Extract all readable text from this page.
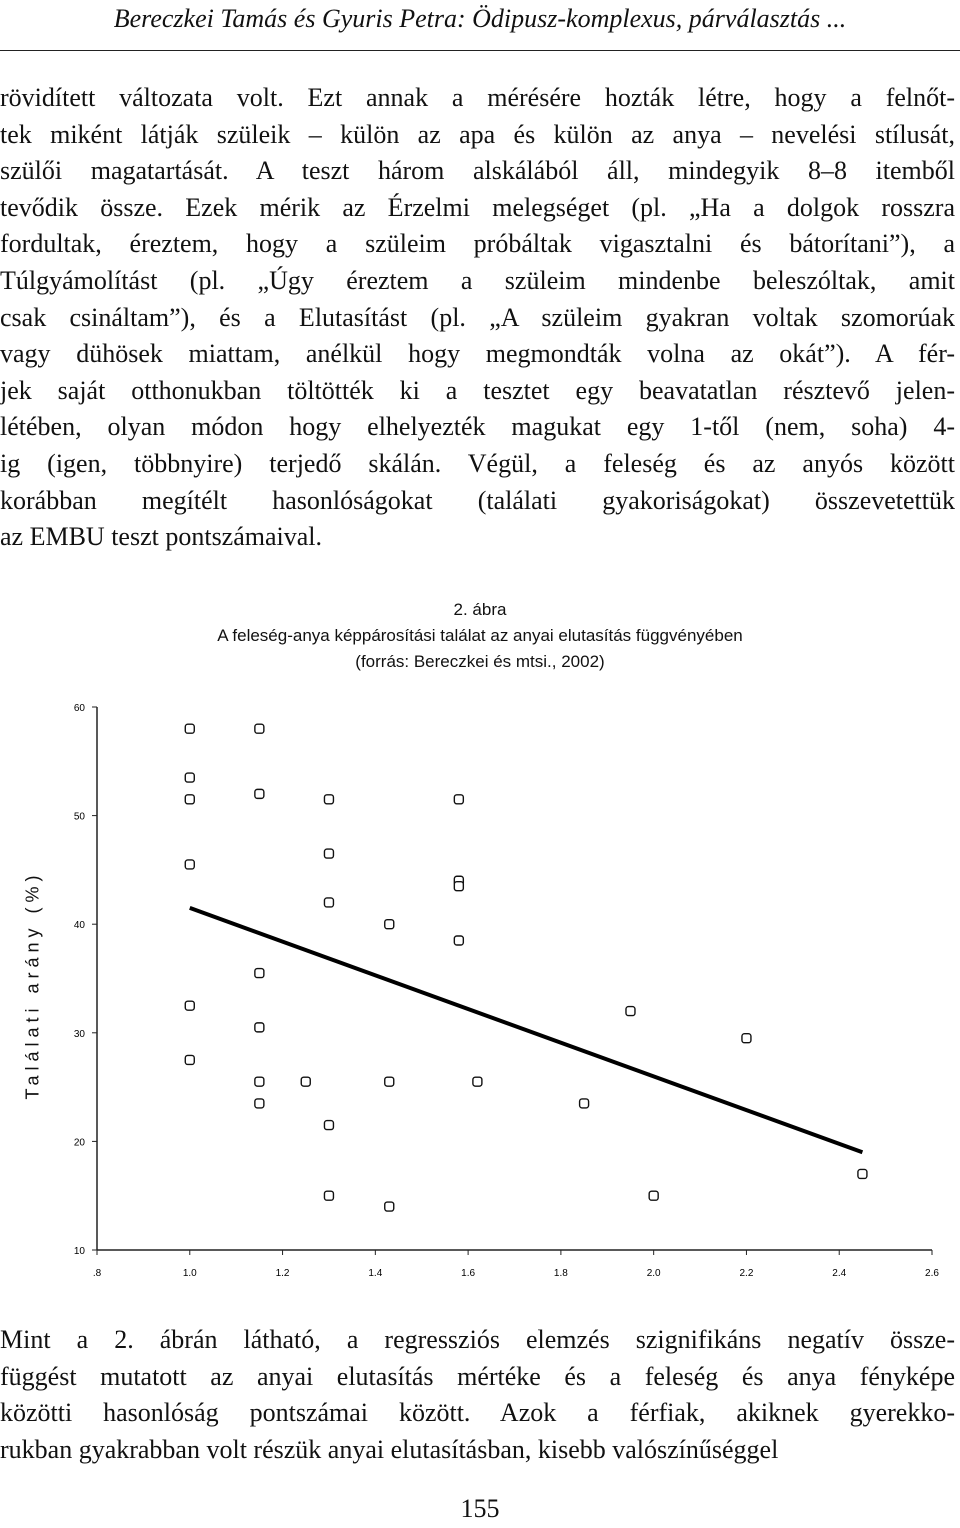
Bereczkei Tamás és Gyuris Petra: Ödipusz-komplexus, párválasztás ...
rövidített változata volt. Ezt annak a mérésére hozták létre, hogy a felnőt-
tek miként látják szüleik – külön az apa és külön az anya – nevelési stílusát,
szülői magatartását. A teszt három alskálából áll, mindegyik 8–8 itemből
tevődik össze. Ezek mérik az Érzelmi melegséget (pl. „Ha a dolgok rosszra
fordultak, éreztem, hogy a szüleim próbáltak vigasztalni és bátorítani”), a
Túlgyámolítást (pl. „Úgy éreztem a szüleim mindenbe beleszóltak, amit
csak csináltam”), és a Elutasítást (pl. „A szüleim gyakran voltak szomorúak
vagy dühösek miattam, anélkül hogy megmondták volna az okát”). A fér-
jek saját otthonukban töltötték ki a tesztet egy beavatatlan résztevő jelen-
létében, olyan módon hogy elhelyezték magukat egy 1-től (nem, soha) 4-
ig (igen, többnyire) terjedő skálán. Végül, a feleség és az anyós között
korábban megítélt hasonlóságokat (találati gyakoriságokat) összevetettük
az EMBU teszt pontszámaival.
2. ábra
A feleség-anya képpárosítási találat az anyai elutasítás függvényében
(forrás: Bereczkei és mtsi., 2002)
Találati arány (%)
10
20
30
40
50
60
.8	1.0	1.2	1.4	1.6	1.8	2.0	2.2	2.4	2.6
Mint a 2. ábrán látható, a regressziós elemzés szignifikáns negatív össze-
függést mutatott az anyai elutasítás mértéke és a feleség és anya fényképe
közötti hasonlóság pontszámai között. Azok a férfiak, akiknek gyerekko-
rukban gyakrabban volt részük anyai elutasításban, kisebb valószínűséggel
155
